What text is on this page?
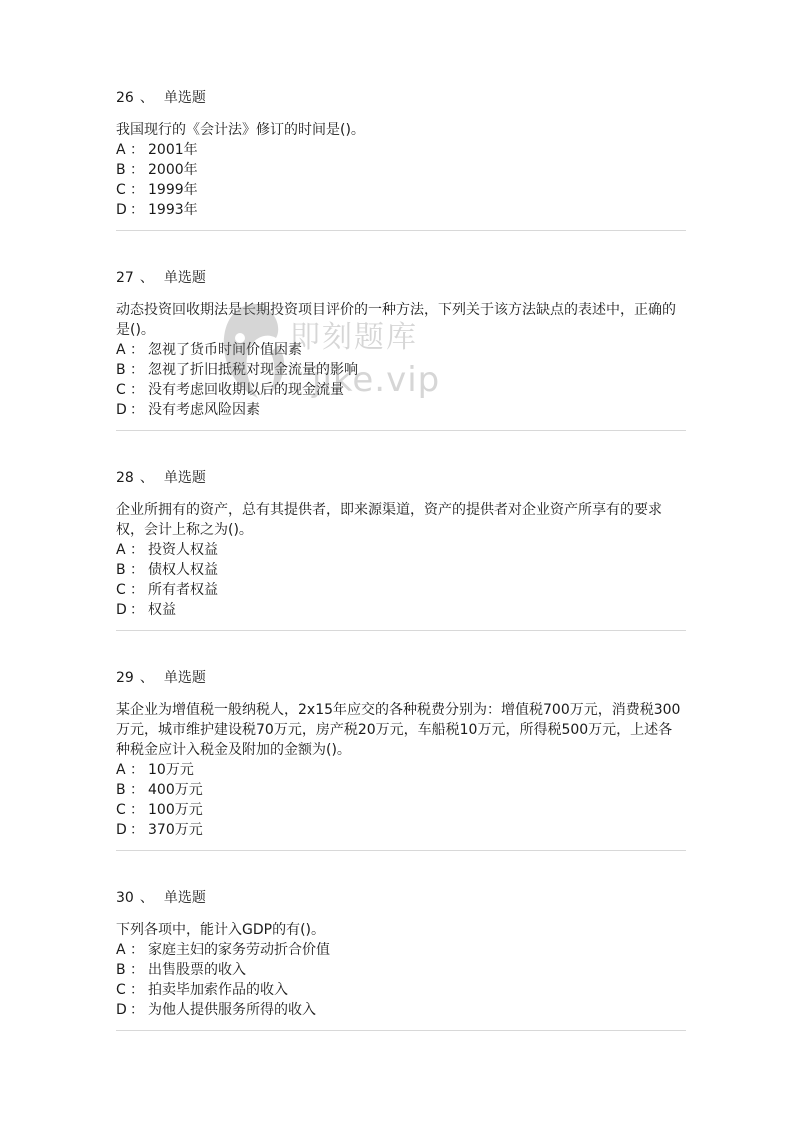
26 、 单选题

我国现行的《会计法》修订的时间是()。

A ： 2001年
B ： 2000年
C ： 1999年
D ： 1993年
27 、 单选题

动态投资回收期法是长期投资项目评价的一种方法，下列关于该方法缺点的表述中，正确的是()。

A ： 忽视了货币时间价值因素
B ： 忽视了折旧抵税对现金流量的影响
C ： 没有考虑回收期以后的现金流量
D ： 没有考虑风险因素
28 、 单选题

企业所拥有的资产，总有其提供者，即来源渠道，资产的提供者对企业资产所享有的要求权，会计上称之为()。

A ： 投资人权益
B ： 债权人权益
C ： 所有者权益
D ： 权益
29 、 单选题

某企业为增值税一般纳税人，2x15年应交的各种税费分别为：增值税700万元，消费税300万元，城市维护建设税70万元，房产税20万元，车船税10万元，所得税500万元，上述各种税金应计入税金及附加的金额为()。

A ： 10万元
B ： 400万元
C ： 100万元
D ： 370万元
30 、 单选题

下列各项中，能计入GDP的有()。

A ： 家庭主妇的家务劳动折合价值
B ： 出售股票的收入
C ： 拍卖毕加索作品的收入
D ： 为他人提供服务所得的收入
即刻题库
jike.vip
